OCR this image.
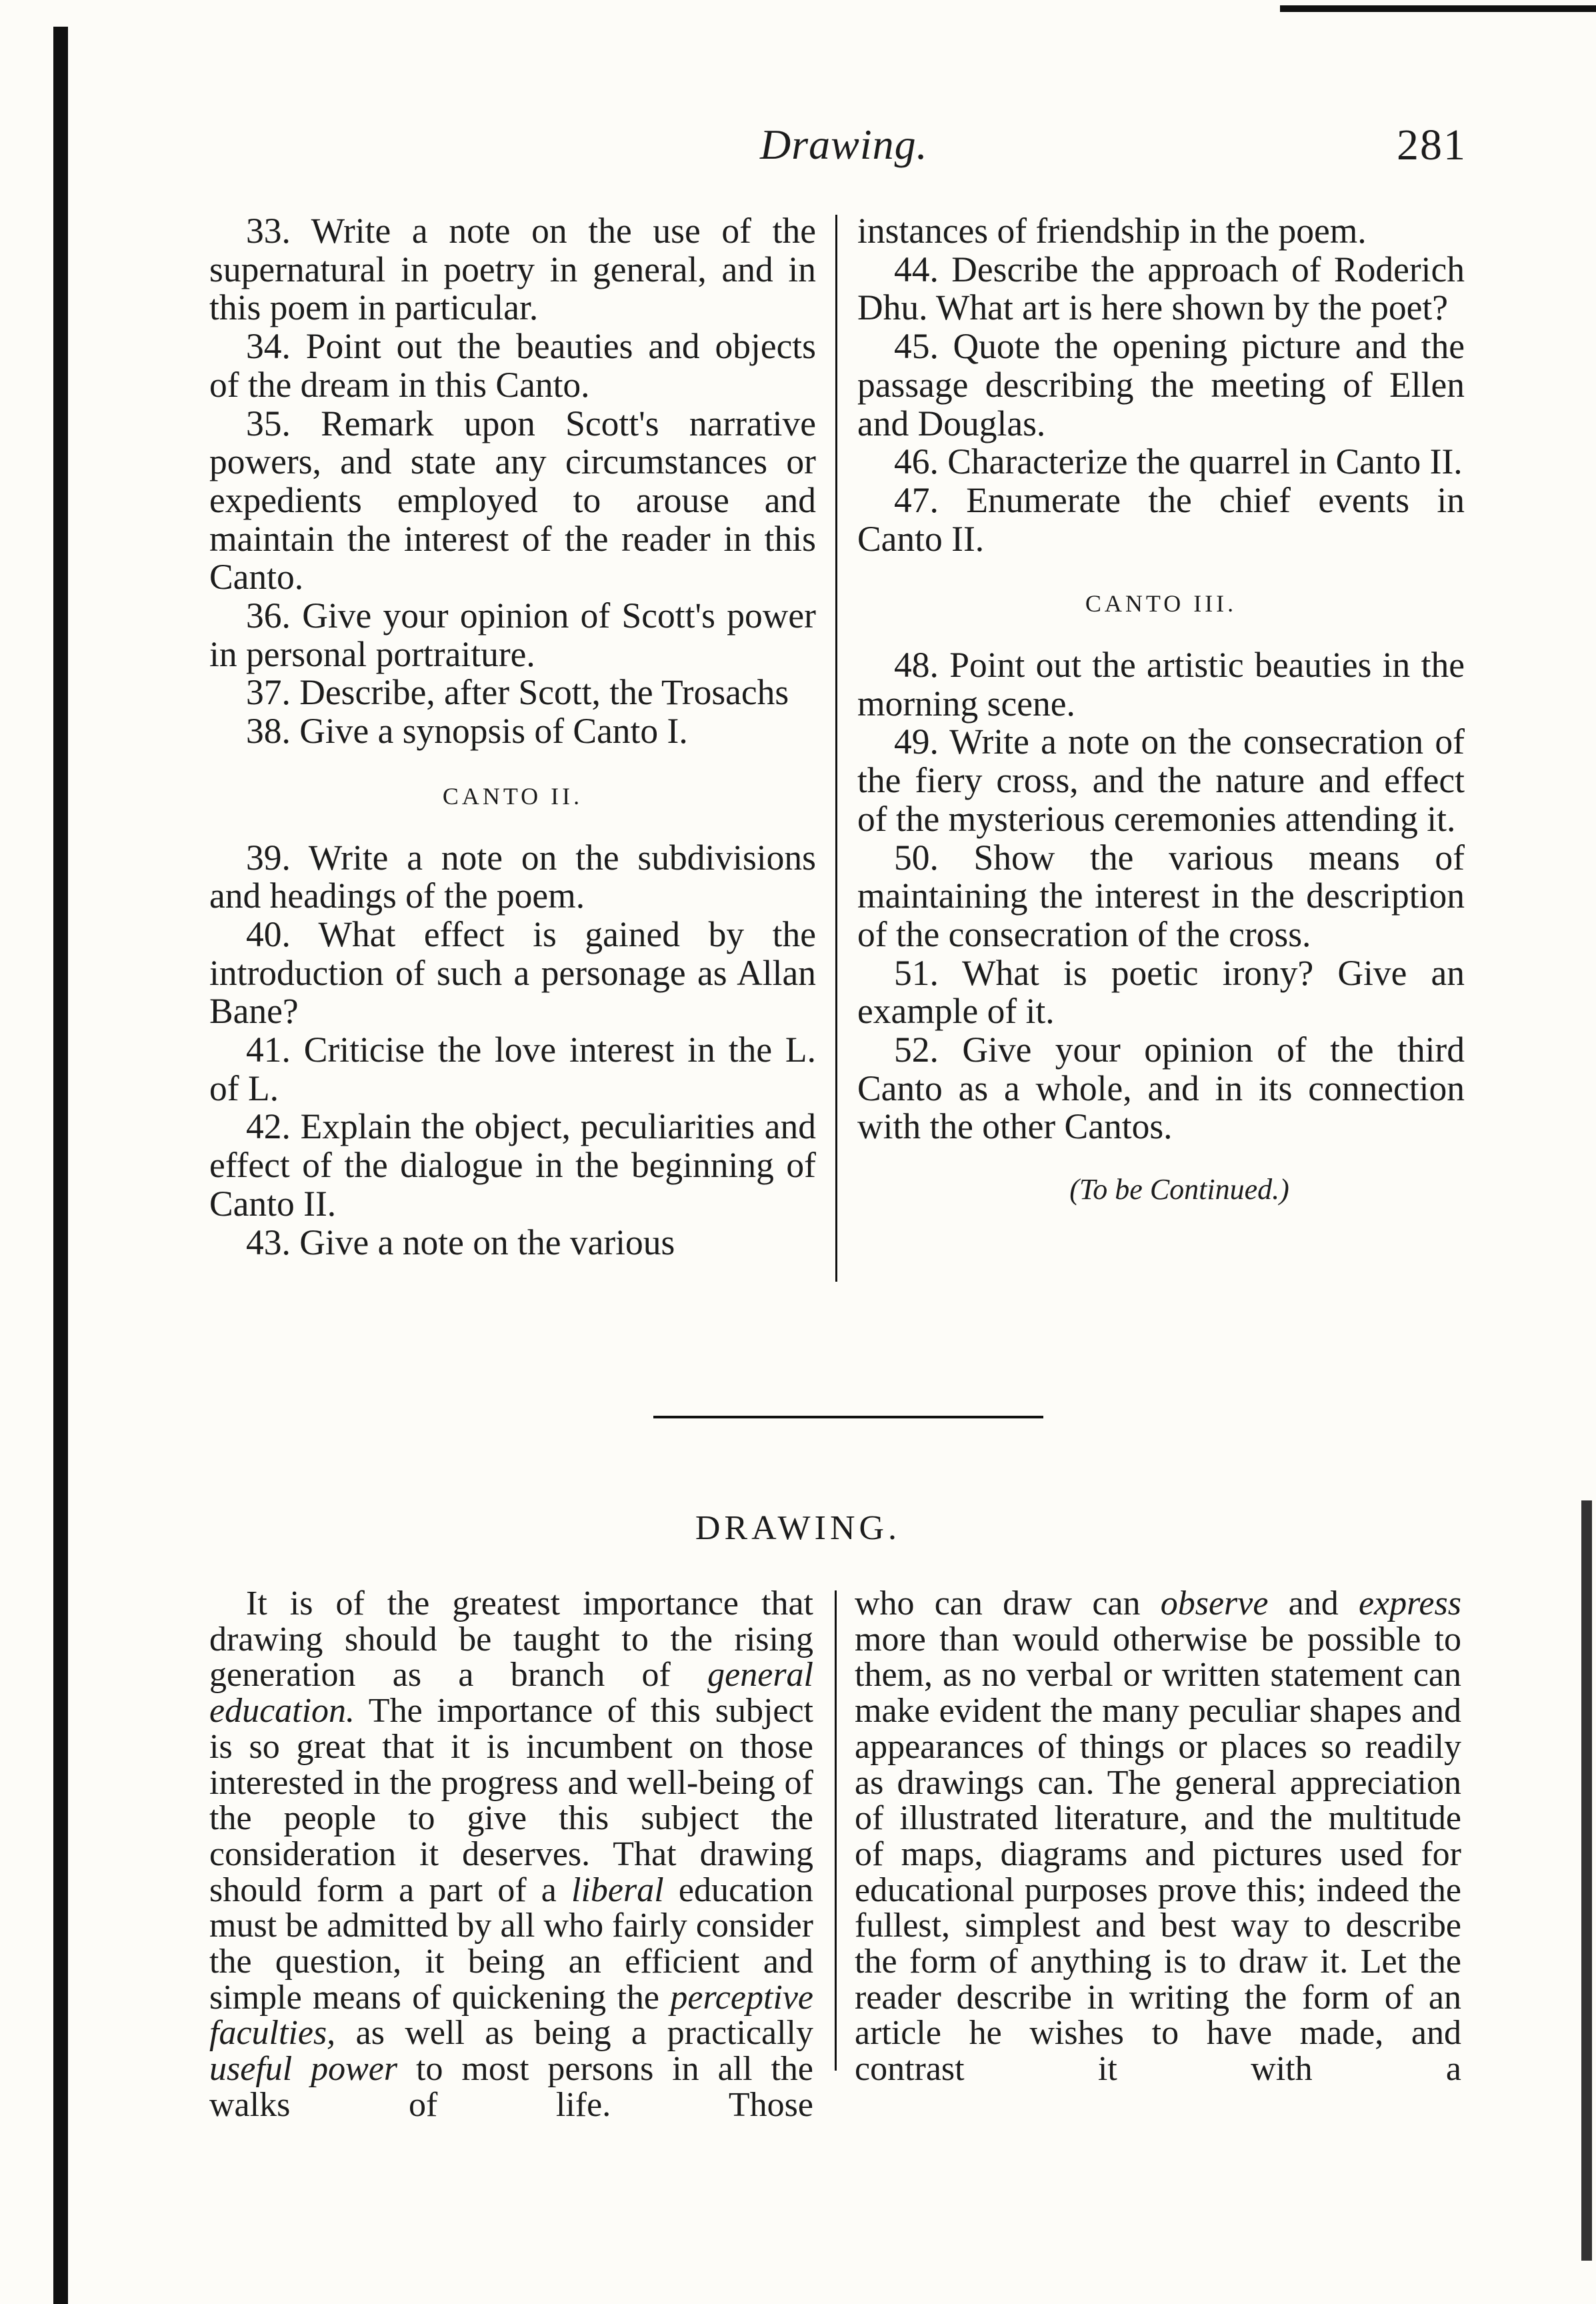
Drawing.	281

33. Write a note on the use of the supernatural in poetry in general, and in this poem in particular.

34. Point out the beauties and objects of the dream in this Canto.

35. Remark upon Scott's narrative powers, and state any circumstances or expedients employed to arouse and maintain the interest of the reader in this Canto.

36. Give your opinion of Scott's power in personal portraiture.

37. Describe, after Scott, the Trosachs

38. Give a synopsis of Canto I.

CANTO II.

39. Write a note on the subdivisions and headings of the poem.

40. What effect is gained by the introduction of such a personage as Allan Bane?

41. Criticise the love interest in the L. of L.

42. Explain the object, peculiarities and effect of the dialogue in the beginning of Canto II.

43. Give a note on the various

instances of friendship in the poem.

44. Describe the approach of Roderich Dhu. What art is here shown by the poet?

45. Quote the opening picture and the passage describing the meeting of Ellen and Douglas.

46. Characterize the quarrel in Canto II.

47. Enumerate the chief events in Canto II.

CANTO III.

48. Point out the artistic beauties in the morning scene.

49. Write a note on the consecration of the fiery cross, and the nature and effect of the mysterious ceremonies attending it.

50. Show the various means of maintaining the interest in the description of the consecration of the cross.

51. What is poetic irony? Give an example of it.

52. Give your opinion of the third Canto as a whole, and in its connection with the other Cantos.

(To be Continued.)

DRAWING.

It is of the greatest importance that drawing should be taught to the rising generation as a branch of general education. The importance of this subject is so great that it is incumbent on those interested in the progress and well-being of the people to give this subject the consideration it deserves. That drawing should form a part of a liberal education must be admitted by all who fairly consider the question, it being an efficient and simple means of quickening the perceptive faculties, as well as being a practically useful power to most persons in all the walks of life. Those

who can draw can observe and express more than would otherwise be possible to them, as no verbal or written statement can make evident the many peculiar shapes and appearances of things or places so readily as drawings can. The general appreciation of illustrated literature, and the multitude of maps, diagrams and pictures used for educational purposes prove this; indeed the fullest, simplest and best way to describe the form of anything is to draw it. Let the reader describe in writing the form of an article he wishes to have made, and contrast it with a
